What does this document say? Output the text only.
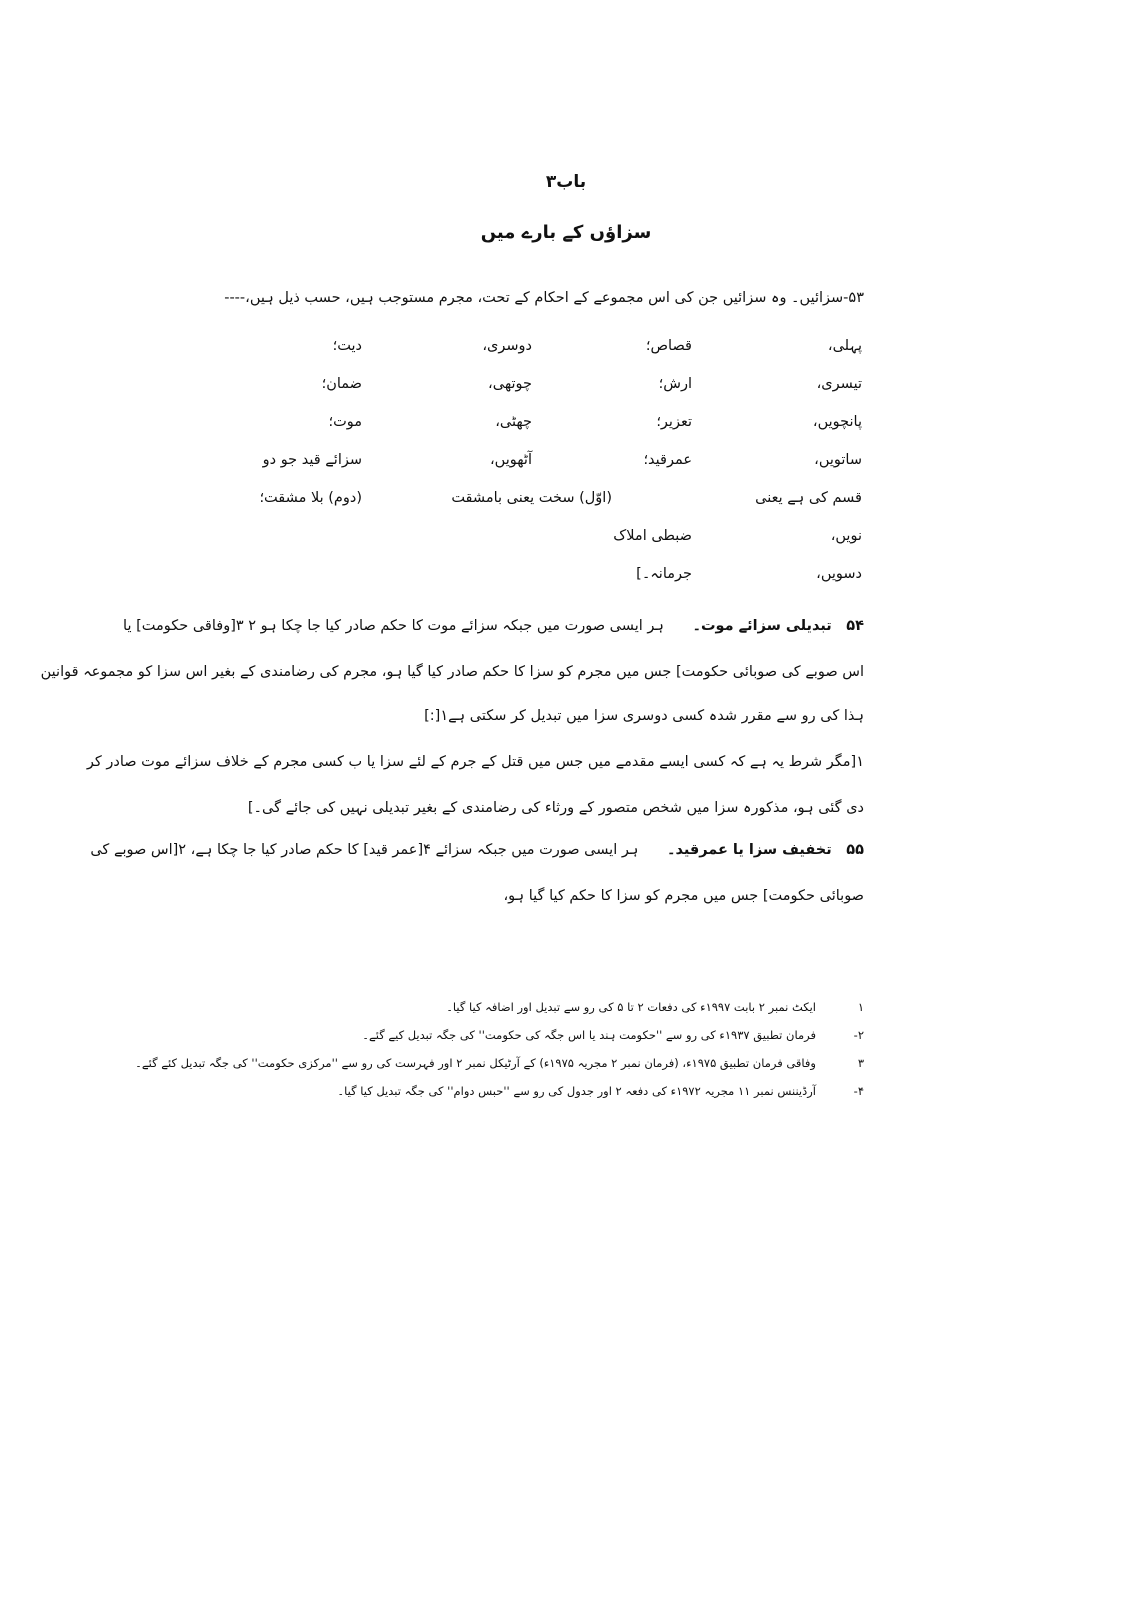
باب۳
سزاؤں کے بارے میں
۵۳-سزائیں۔ وہ سزائیں جن کی اس مجموعے کے احکام کے تحت، مجرم مستوجب ہیں، حسب ذیل ہیں،----
پہلی،
قصاص؛
دوسری،
دیت؛
تیسری،
ارش؛
چوتھی،
ضمان؛
پانچویں،
تعزیر؛
چھٹی،
موت؛
ساتویں،
عمرقید؛
آٹھویں،
سزائے قید جو دو
قسم کی ہے یعنی
(اوّل) سخت یعنی بامشقت
(دوم) بلا مشقت؛
نویں،
ضبطی املاک
دسویں،
جرمانہ۔]
۵۴ تبدیلی سزائے موت۔ ہر ایسی صورت میں جبکہ سزائے موت کا حکم صادر کیا جا چکا ہو ۲ ۳[وفاقی حکومت] یا
اس صوبے کی صوبائی حکومت] جس میں مجرم کو سزا کا حکم صادر کیا گیا ہو، مجرم کی رضامندی کے بغیر اس سزا کو مجموعہ قوانین
ہذا کی رو سے مقرر شدہ کسی دوسری سزا میں تبدیل کر سکتی ہے۱[:]
۱[مگر شرط یہ ہے کہ کسی ایسے مقدمے میں جس میں قتل کے جرم کے لئے سزا یا ب کسی مجرم کے خلاف سزائے موت صادر کر
دی گئی ہو، مذکورہ سزا میں شخص متصور کے ورثاء کی رضامندی کے بغیر تبدیلی نہیں کی جائے گی۔]
۵۵ تخفیف سزا یا عمرقید۔ ہر ایسی صورت میں جبکہ سزائے ۴[عمر قید] کا حکم صادر کیا جا چکا ہے، ۲[اس صوبے کی
صوبائی حکومت] جس میں مجرم کو سزا کا حکم کیا گیا ہو،
۱
ایکٹ نمبر ۲ بابت ۱۹۹۷ء کی دفعات ۲ تا ۵ کی رو سے تبدیل اور اضافہ کیا گیا۔
۲-
فرمان تطبیق ۱۹۳۷ء کی رو سے ''حکومت ہند یا اس جگہ کی حکومت'' کی جگہ تبدیل کیے گئے۔
۳
وفاقی فرمان تطبیق ۱۹۷۵ء، (فرمان نمبر ۲ مجریہ ۱۹۷۵ء) کے آرٹیکل نمبر ۲ اور فہرست کی رو سے ''مرکزی حکومت'' کی جگہ تبدیل کئے گئے۔
۴-
آرڈیننس نمبر ۱۱ مجریہ ۱۹۷۲ء کی دفعہ ۲ اور جدول کی رو سے ''حبس دوام'' کی جگہ تبدیل کیا گیا۔
